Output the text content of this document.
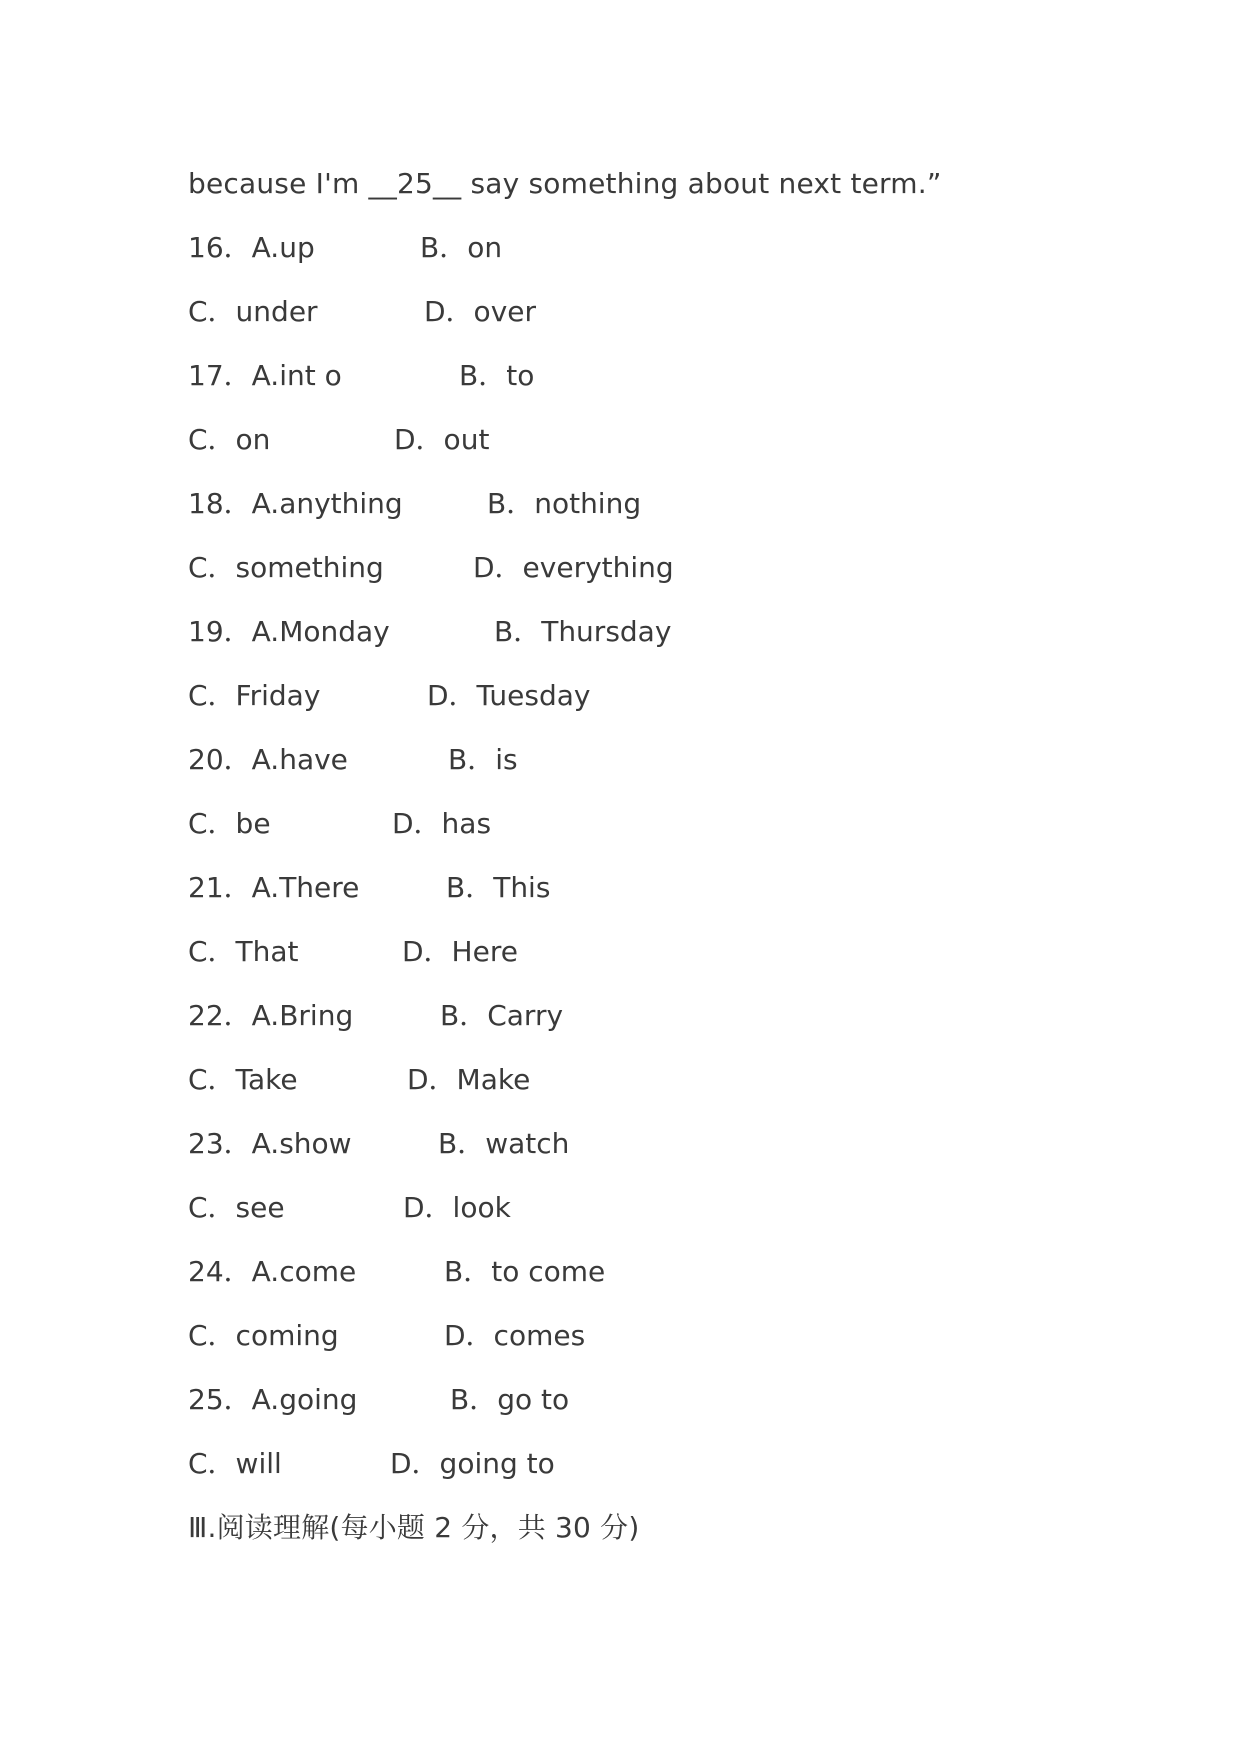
because I'm __25__ say something about next term.”

16．A.up

	B．on

C．under

	D．over

17．A.int o

	B．to

C．on

	D．out

18．A.anything

	B．nothing

C．something

	D．everything

19．A.Monday

	B．Thursday

C．Friday

	D．Tuesday

20．A.have

	B．is

C．be

	D．has

21．A.There

	B．This

C．That

	D．Here

22．A.Bring

	B．Carry

C．Take

	D．Make

23．A.show

	B．watch

C．see

	D．look

24．A.come

	B．to come

C．coming

	D．comes

25．A.going

	B．go to

C．will

	D．going to

Ⅲ.阅读理解(每小题 2 分，共 30 分)
